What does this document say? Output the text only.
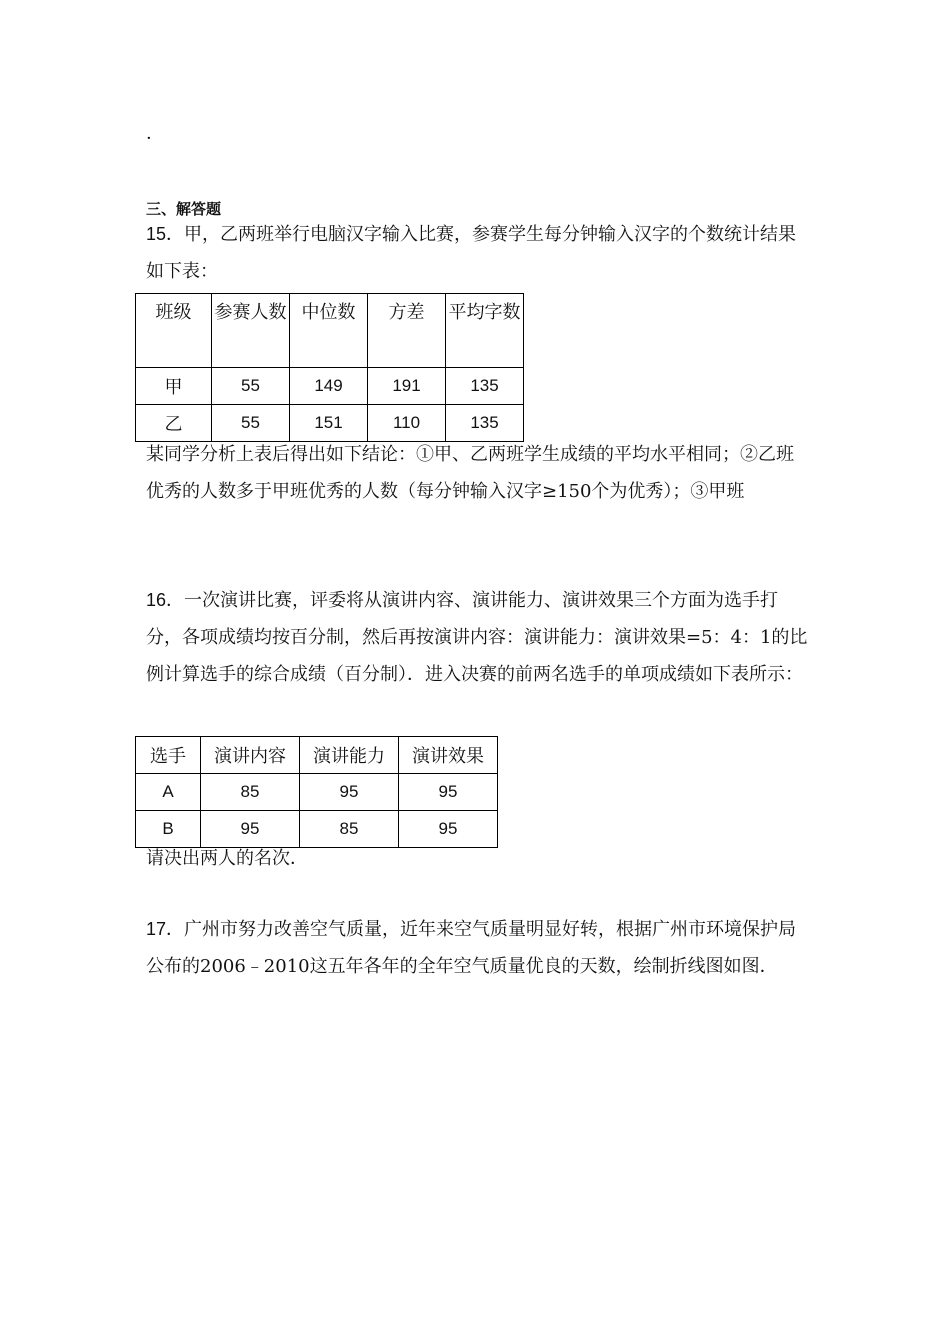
·
三、解答题
15．甲，乙两班举行电脑汉字输入比赛，参赛学生每分钟输入汉字的个数统计结果如下表：
班级	参赛人数	中位数	方差	平均字数
甲	55	149	191	135
乙	55	151	110	135
某同学分析上表后得出如下结论：①甲、乙两班学生成绩的平均水平相同；②乙班优秀的人数多于甲班优秀的人数（每分钟输入汉字≥150个为优秀）；③甲班
16．一次演讲比赛，评委将从演讲内容、演讲能力、演讲效果三个方面为选手打分，各项成绩均按百分制，然后再按演讲内容：演讲能力：演讲效果=5：4：1的比例计算选手的综合成绩（百分制）．进入决赛的前两名选手的单项成绩如下表所示：
选手	演讲内容	演讲能力	演讲效果
A	85	95	95
B	95	85	95
请决出两人的名次．
17．广州市努力改善空气质量，近年来空气质量明显好转，根据广州市环境保护局公布的2006﹣2010这五年各年的全年空气质量优良的天数，绘制折线图如图．
